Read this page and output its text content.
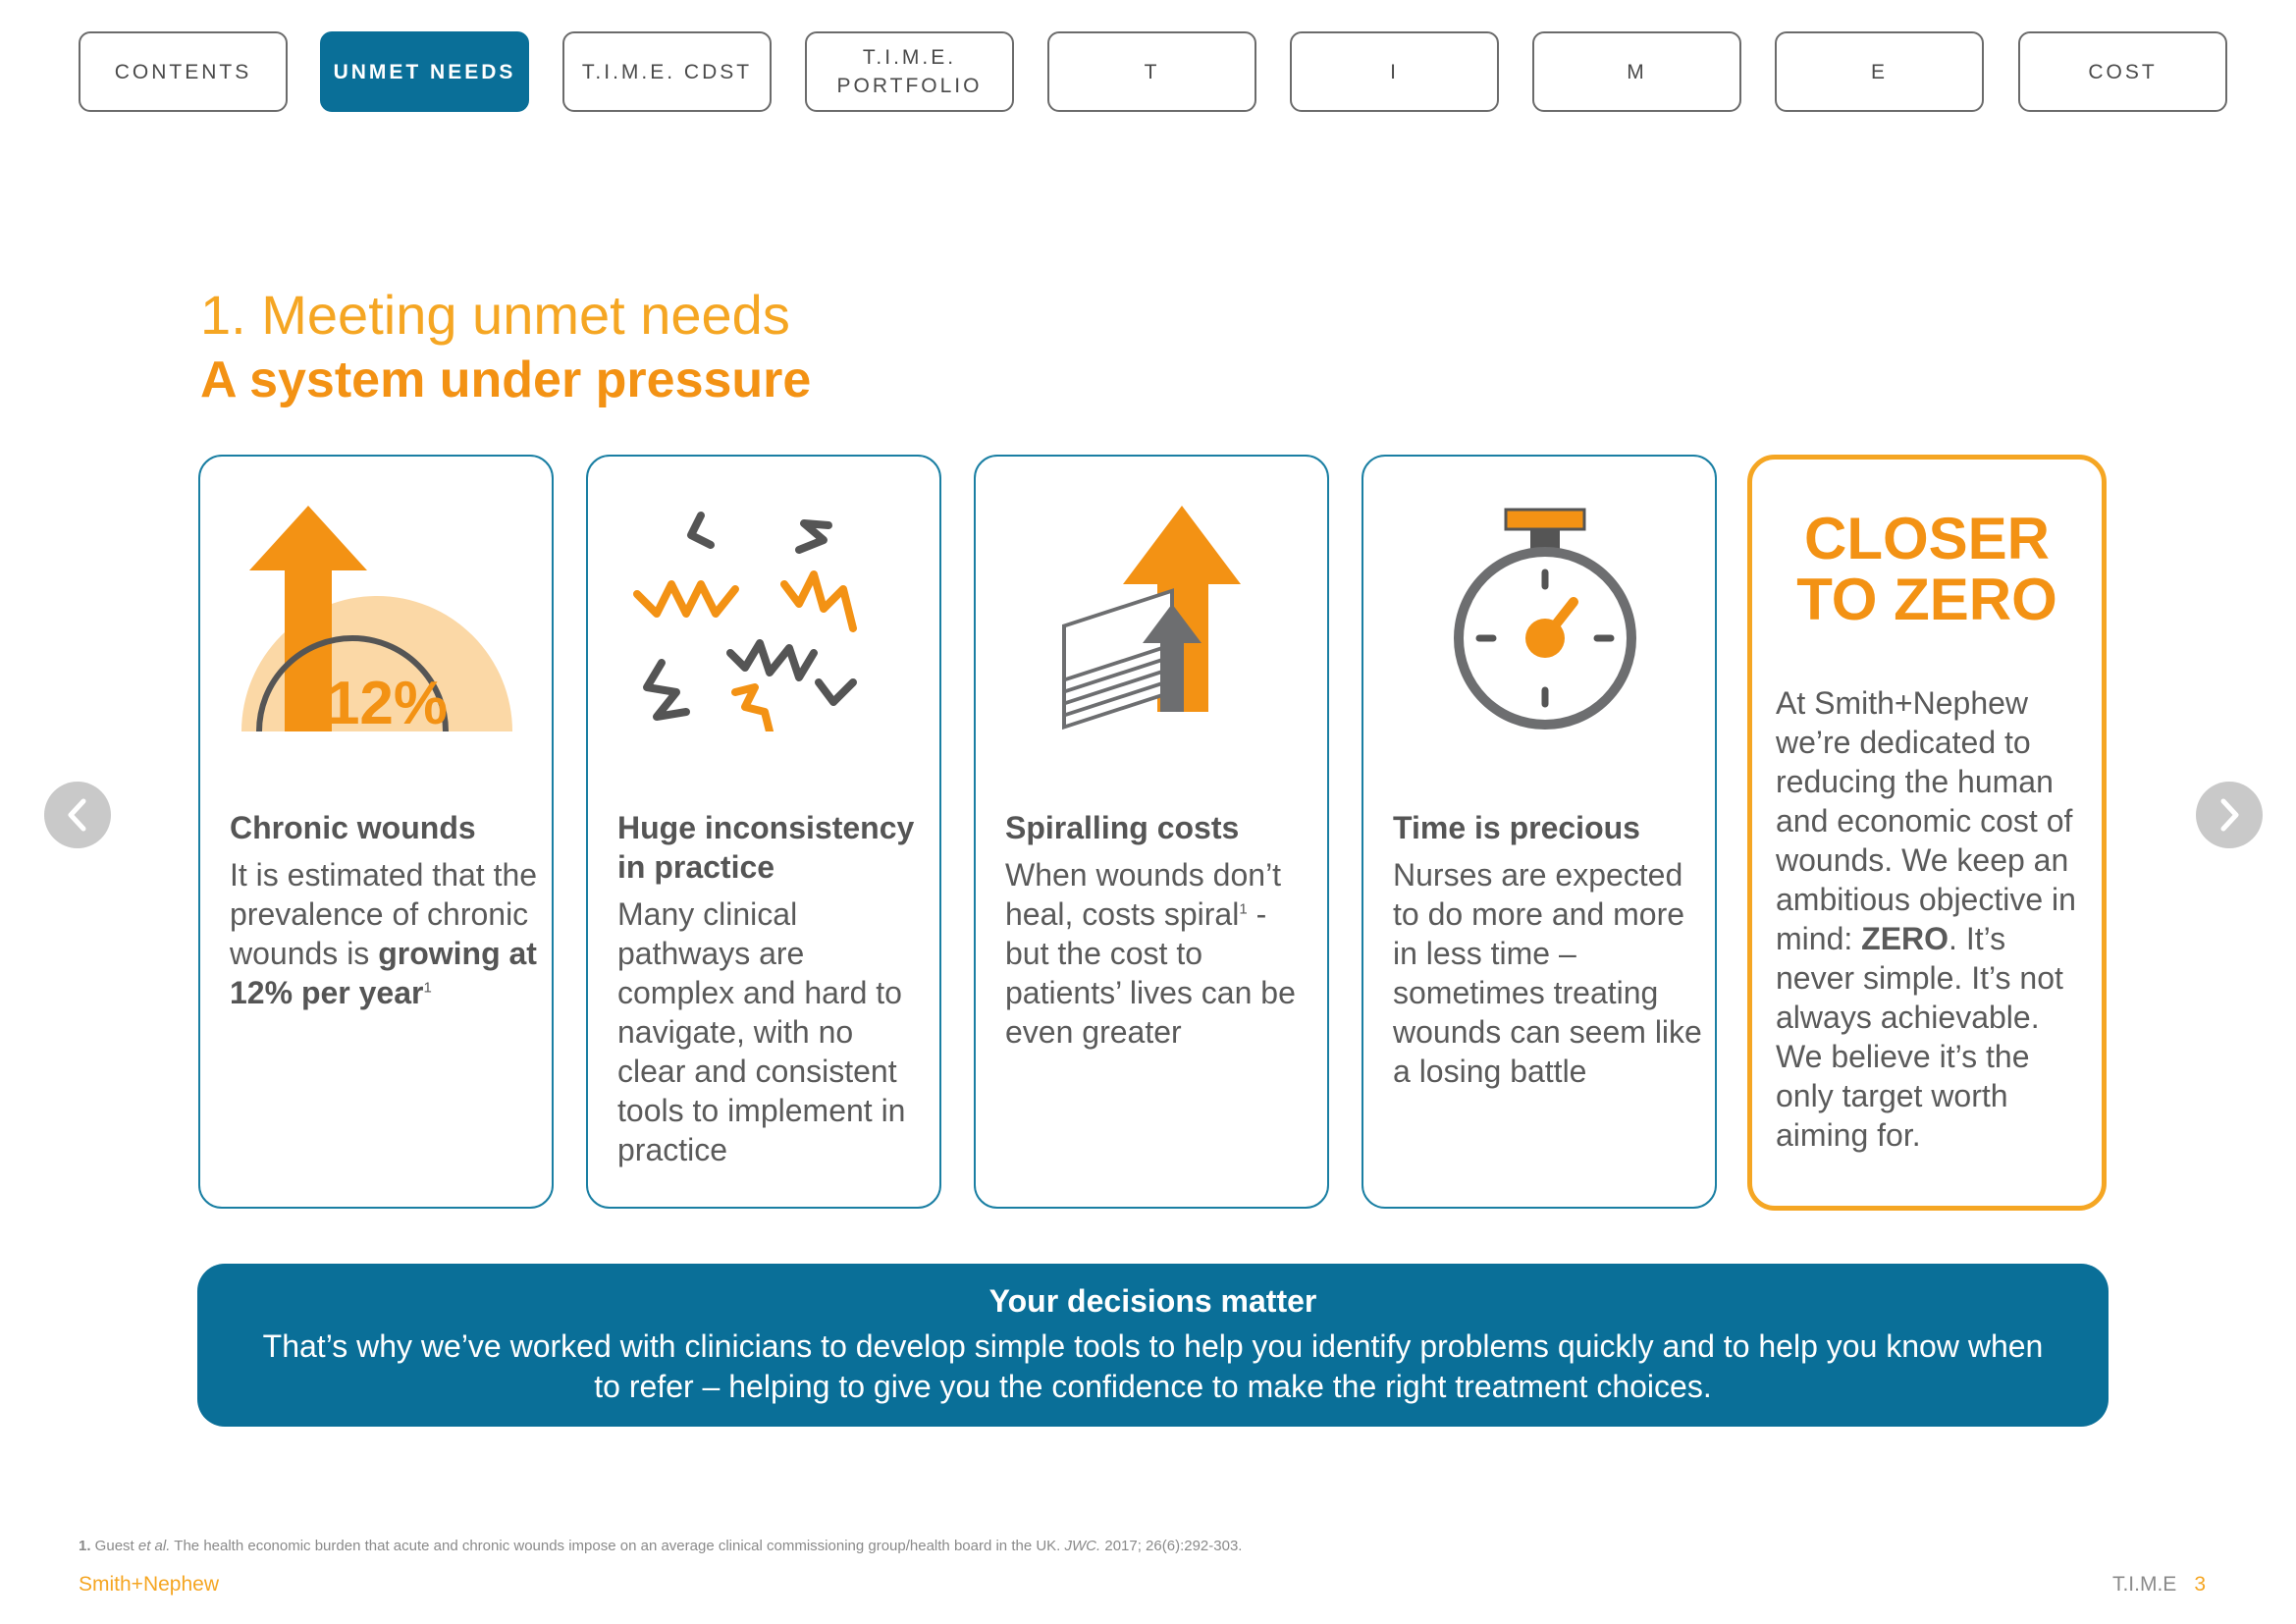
CONTENTS	UNMET NEEDS	T.I.M.E. CDST
T.I.M.E.
PORTFOLIO
T	I	M	E	COST
1. Meeting unmet needs
A system under pressure
12%
Chronic wounds
It is estimated that the prevalence of chronic wounds is growing at 12% per year$^1$
Huge inconsistency in practice
Many clinical pathways are complex and hard to navigate, with no clear and consistent tools to implement in practice
Spiralling costs
When wounds don’t heal, costs spiral$^1$ - but the cost to patients’ lives can be even greater
Time is precious
Nurses are expected to do more and more in less time – sometimes treating wounds can seem like a losing battle
CLOSER
TO ZERO
At Smith+Nephew we’re dedicated to reducing the human and economic cost of wounds. We keep an ambitious objective in mind: ZERO. It’s never simple. It’s not always achievable. We believe it’s the only target worth aiming for.
Your decisions matter
That’s why we’ve worked with clinicians to develop simple tools to help you identify problems quickly and to help you know when to refer – helping to give you the confidence to make the right treatment choices.
1. Guest et al. The health economic burden that acute and chronic wounds impose on an average clinical commissioning group/health board in the UK. JWC. 2017; 26(6):292-303.
Smith+Nephew	T.I.M.E 3
